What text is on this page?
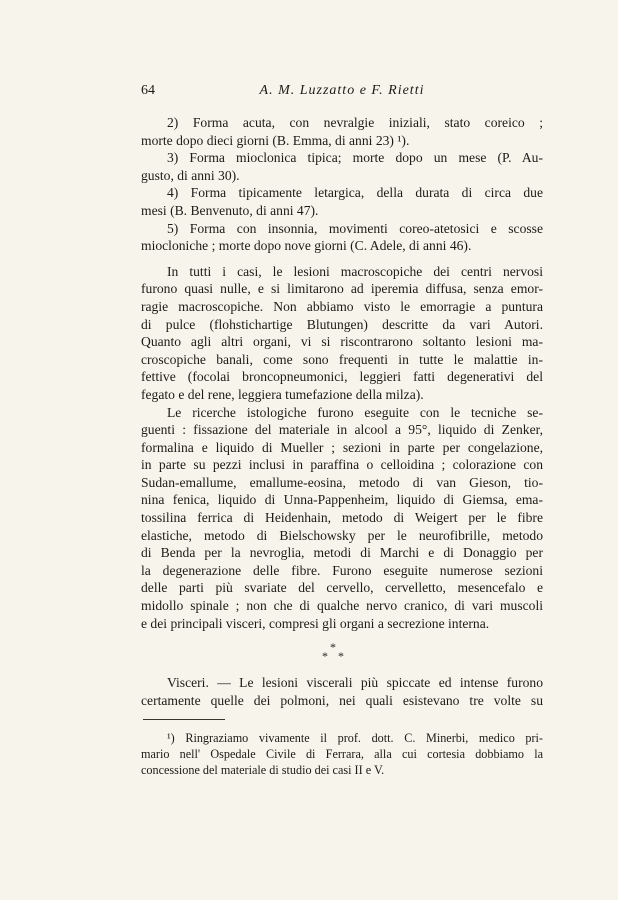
64	A. M. Luzzatto e F. Rietti

2) Forma acuta, con nevralgie iniziali, stato coreico ;

morte dopo dieci giorni (B. Emma, di anni 23) ¹).

3) Forma mioclonica tipica; morte dopo un mese (P. Au-

gusto, di anni 30).

4) Forma tipicamente letargica, della durata di circa due

mesi (B. Benvenuto, di anni 47).

5) Forma con insonnia, movimenti coreo-atetosici e scosse

miocloniche ; morte dopo nove giorni (C. Adele, di anni 46).

In tutti i casi, le lesioni macroscopiche dei centri nervosi

furono quasi nulle, e si limitarono ad iperemia diffusa, senza emor-

ragie macroscopiche. Non abbiamo visto le emorragie a puntura

di pulce (flohstichartige Blutungen) descritte da vari Autori.

Quanto agli altri organi, vi si riscontrarono soltanto lesioni ma-

croscopiche banali, come sono frequenti in tutte le malattie in-

fettive (focolai broncopneumonici, leggieri fatti degenerativi del

fegato e del rene, leggiera tumefazione della milza).

Le ricerche istologiche furono eseguite con le tecniche se-

guenti : fissazione del materiale in alcool a 95°, liquido di Zenker,

formalina e liquido di Mueller ; sezioni in parte per congelazione,

in parte su pezzi inclusi in paraffina o celloidina ; colorazione con

Sudan-emallume, emallume-eosina, metodo di van Gieson, tio-

nina fenica, liquido di Unna-Pappenheim, liquido di Giemsa, ema-

tossilina ferrica di Heidenhain, metodo di Weigert per le fibre

elastiche, metodo di Bielschowsky per le neurofibrille, metodo

di Benda per la nevroglia, metodi di Marchi e di Donaggio per

la degenerazione delle fibre. Furono eseguite numerose sezioni

delle parti più svariate del cervello, cervelletto, mesencefalo e

midollo spinale ; non che di qualche nervo cranico, di vari muscoli

e dei principali visceri, compresi gli organi a secrezione interna.

*
* *

Visceri. — Le lesioni viscerali più spiccate ed intense furono

certamente quelle dei polmoni, nei quali esistevano tre volte su

¹) Ringraziamo vivamente il prof. dott. C. Minerbi, medico pri-

mario nell' Ospedale Civile di Ferrara, alla cui cortesia dobbiamo la

concessione del materiale di studio dei casi II e V.
